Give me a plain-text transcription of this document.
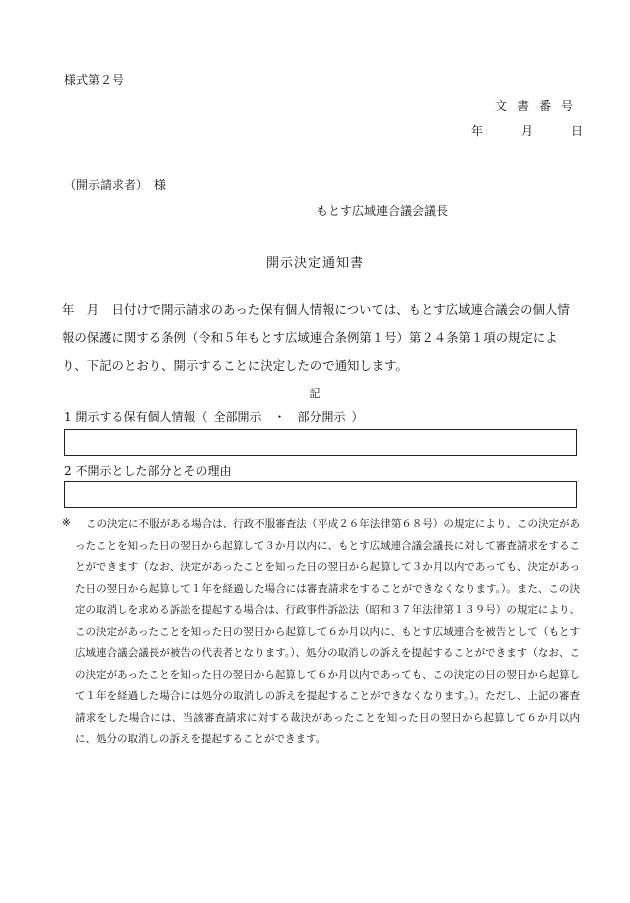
様式第２号
文書番号
年	月	日
（開示請求者）　様
もとす広域連合議会議長
開示決定通知書
年　月　日付けで開示請求のあった保有個人情報については、もとす広域連合議会の個人情報の保護に関する条例（令和５年もとす広域連合条例第１号）第２４条第１項の規定により、下記のとおり、開示することに決定したので通知します。
記
1 開示する保有個人情報（ 全部開示 ・ 部分開示 ）
2 不開示とした部分とその理由
※	この決定に不服がある場合は、行政不服審査法（平成２６年法律第６８号）の規定により、この決定があったことを知った日の翌日から起算して３か月以内に、もとす広域連合議会議長に対して審査請求をすることができます（なお、決定があったことを知った日の翌日から起算して３か月以内であっても、決定があった日の翌日から起算して１年を経過した場合には審査請求をすることができなくなります。）。また、この決定の取消しを求める訴訟を提起する場合は、行政事件訴訟法（昭和３７年法律第１３９号）の規定により、この決定があったことを知った日の翌日から起算して６か月以内に、もとす広域連合を被告として（もとす広域連合議会議長が被告の代表者となります。）、処分の取消しの訴えを提起することができます（なお、この決定があったことを知った日の翌日から起算して６か月以内であっても、この決定の日の翌日から起算して１年を経過した場合には処分の取消しの訴えを提起することができなくなります。）。ただし、上記の審査請求をした場合には、当該審査請求に対する裁決があったことを知った日の翌日から起算して６か月以内に、処分の取消しの訴えを提起することができます。
